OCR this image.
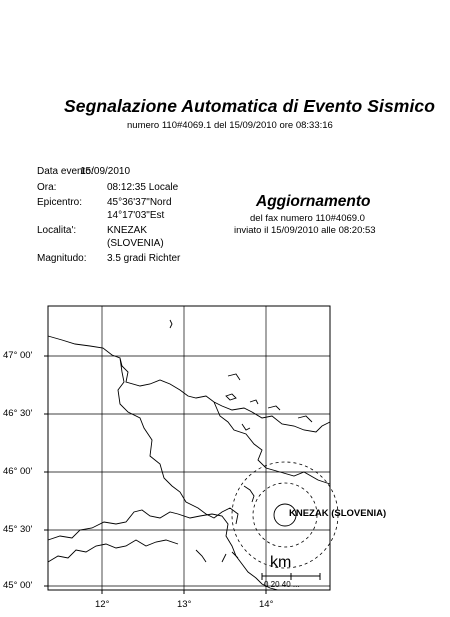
Segnalazione Automatica di Evento Sismico
numero 110#4069.1 del 15/09/2010 ore 08:33:16
Data evento:
15/09/2010
Ora:	08:12:35 Locale
Epicentro: 45°36'37"Nord
14°17'03"Est
Localita':	KNEZAK
(SLOVENIA)
Magnitudo: 3.5 gradi Richter
Aggiornamento
del fax numero 110#4069.0
inviato il 15/09/2010 alle 08:20:53
47° 00'
46° 30'
46° 00'
45° 30'
45° 00'
12°	13°	14°
KNEZAK (SLOVENIA)
km
0 20 40 ...
